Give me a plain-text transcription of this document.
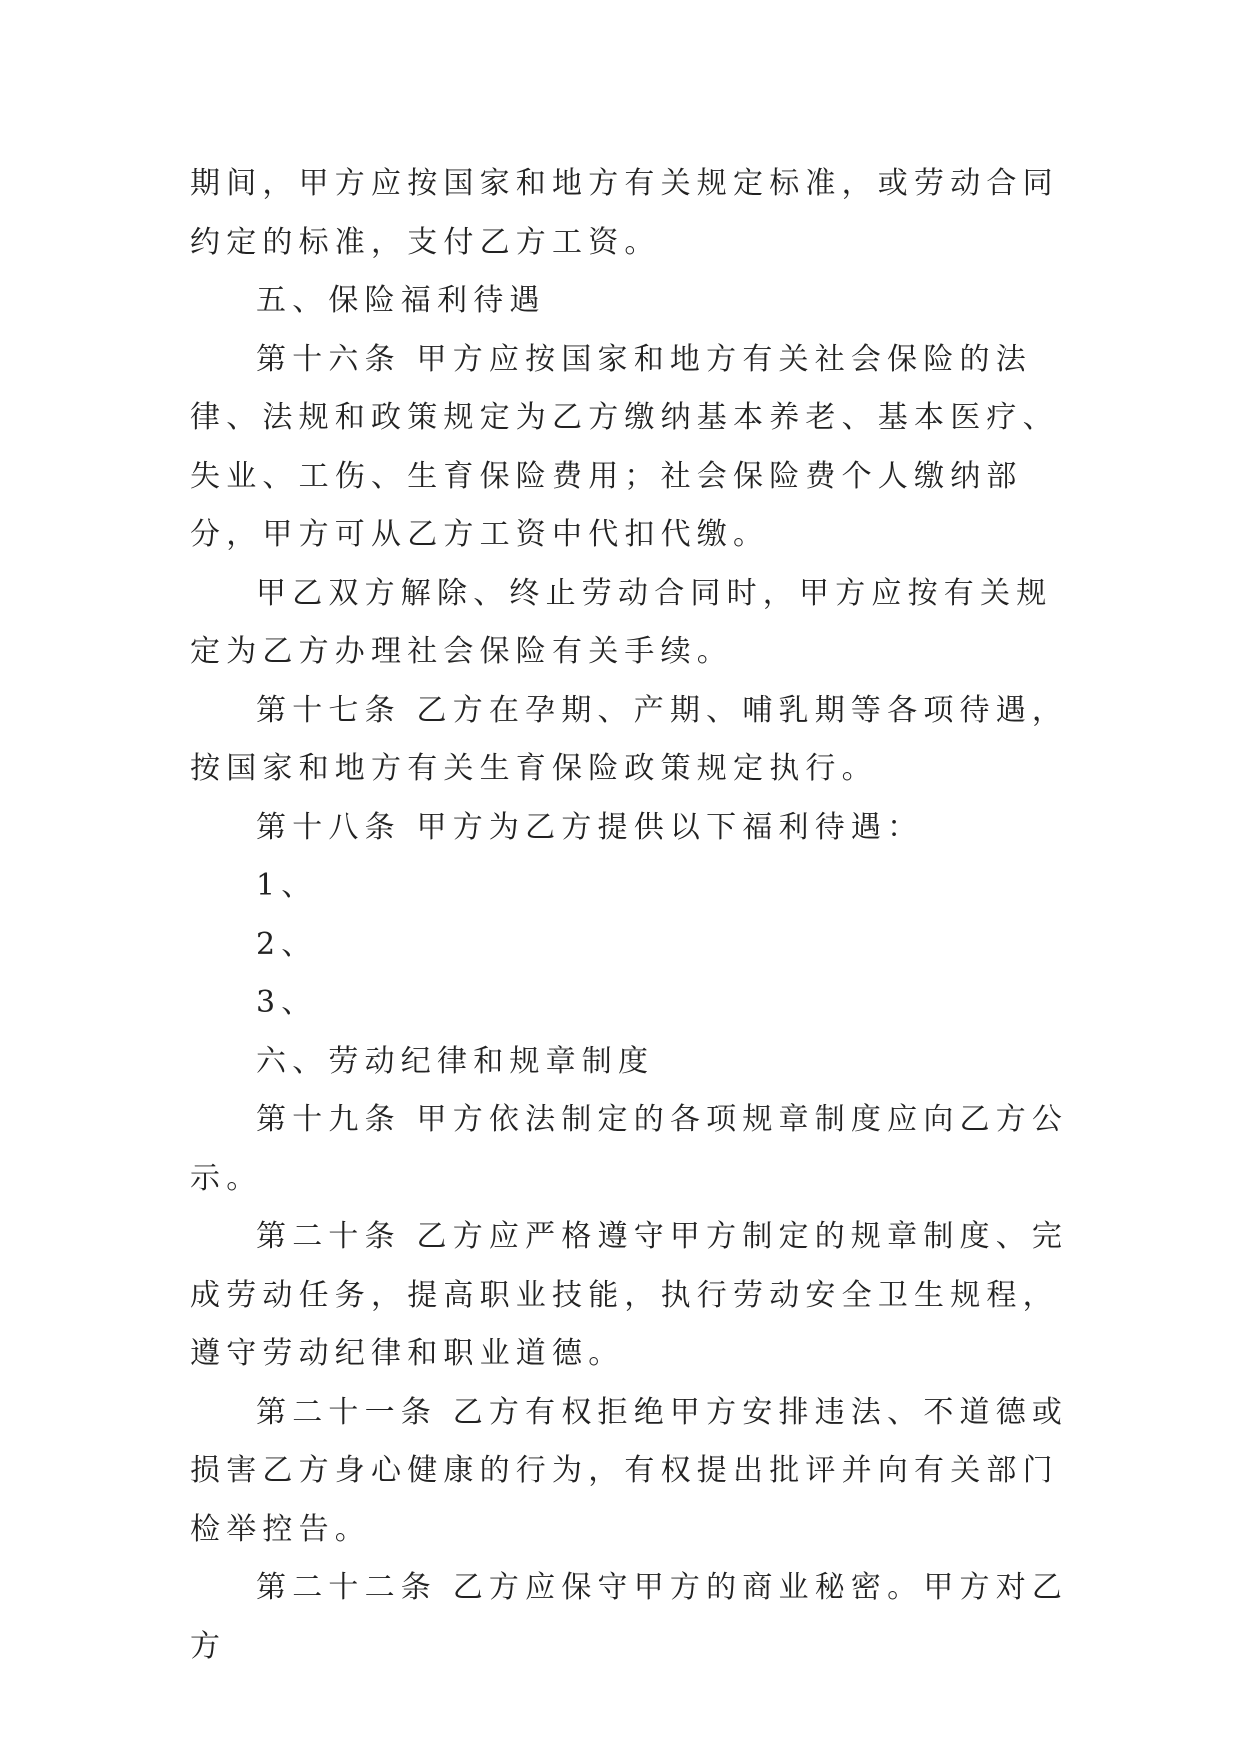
期间，甲方应按国家和地方有关规定标准，或劳动合同约定的标准，支付乙方工资。

五、保险福利待遇

第十六条 甲方应按国家和地方有关社会保险的法律、法规和政策规定为乙方缴纳基本养老、基本医疗、失业、工伤、生育保险费用；社会保险费个人缴纳部分，甲方可从乙方工资中代扣代缴。

甲乙双方解除、终止劳动合同时，甲方应按有关规定为乙方办理社会保险有关手续。

第十七条 乙方在孕期、产期、哺乳期等各项待遇，按国家和地方有关生育保险政策规定执行。

第十八条 甲方为乙方提供以下福利待遇：

1、

2、

3、

六、劳动纪律和规章制度

第十九条 甲方依法制定的各项规章制度应向乙方公示。

第二十条 乙方应严格遵守甲方制定的规章制度、完成劳动任务，提高职业技能，执行劳动安全卫生规程，遵守劳动纪律和职业道德。

第二十一条 乙方有权拒绝甲方安排违法、不道德或损害乙方身心健康的行为，有权提出批评并向有关部门检举控告。

第二十二条 乙方应保守甲方的商业秘密。甲方对乙方
